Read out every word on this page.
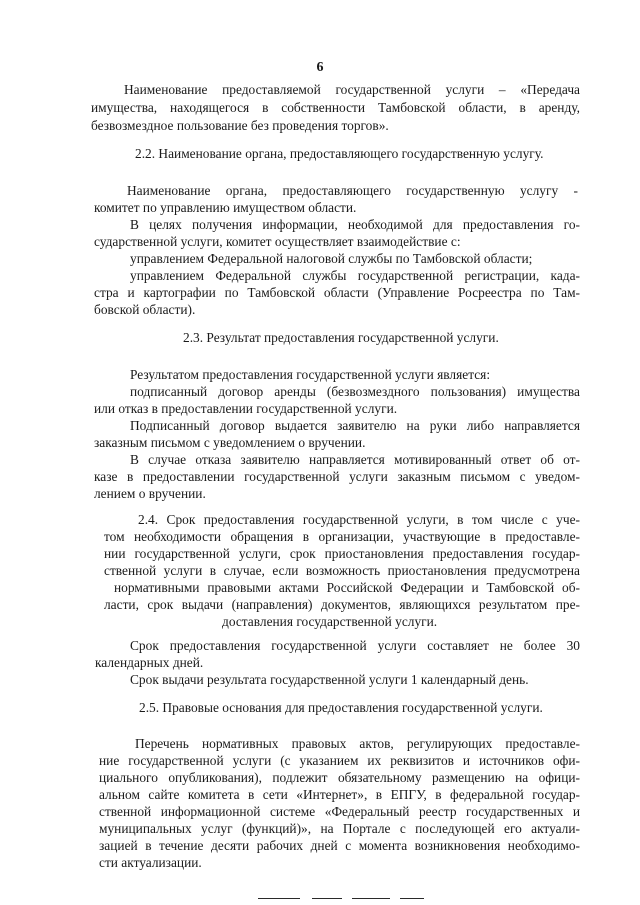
6
Наименование предоставляемой государственной услуги – «Передача
имущества, находящегося в собственности Тамбовской области, в аренду,
безвозмездное пользование без проведения торгов».
2.2. Наименование органа, предоставляющего государственную услугу.
Наименование органа, предоставляющего государственную услугу -
комитет по управлению имуществом области.
В целях получения информации, необходимой для предоставления го-
сударственной услуги, комитет осуществляет взаимодействие с:
управлением Федеральной налоговой службы по Тамбовской области;
управлением Федеральной службы государственной регистрации, када-
стра и картографии по Тамбовской области (Управление Росреестра по Там-
бовской области).
2.3. Результат предоставления государственной услуги.
Результатом предоставления государственной услуги является:
подписанный договор аренды (безвозмездного пользования) имущества
или отказ в предоставлении государственной услуги.
Подписанный договор выдается заявителю на руки либо направляется
заказным письмом с уведомлением о вручении.
В случае отказа заявителю направляется мотивированный ответ об от-
казе в предоставлении государственной услуги заказным письмом с уведом-
лением о вручении.
2.4. Срок предоставления государственной услуги, в том числе с уче-
том необходимости обращения в организации, участвующие в предоставле-
нии государственной услуги, срок приостановления предоставления государ-
ственной услуги в случае, если возможность приостановления предусмотрена
нормативными правовыми актами Российской Федерации и Тамбовской об-
ласти, срок выдачи (направления) документов, являющихся результатом пре-
доставления государственной услуги.
Срок предоставления государственной услуги составляет не более 30
календарных дней.
Срок выдачи результата государственной услуги 1 календарный день.
2.5. Правовые основания для предоставления государственной услуги.
Перечень нормативных правовых актов, регулирующих предоставле-
ние государственной услуги (с указанием их реквизитов и источников офи-
циального опубликования), подлежит обязательному размещению на офици-
альном сайте комитета в сети «Интернет», в ЕПГУ, в федеральной государ-
ственной информационной системе «Федеральный реестр государственных и
муниципальных услуг (функций)», на Портале с последующей его актуали-
зацией в течение десяти рабочих дней с момента возникновения необходимо-
сти актуализации.
